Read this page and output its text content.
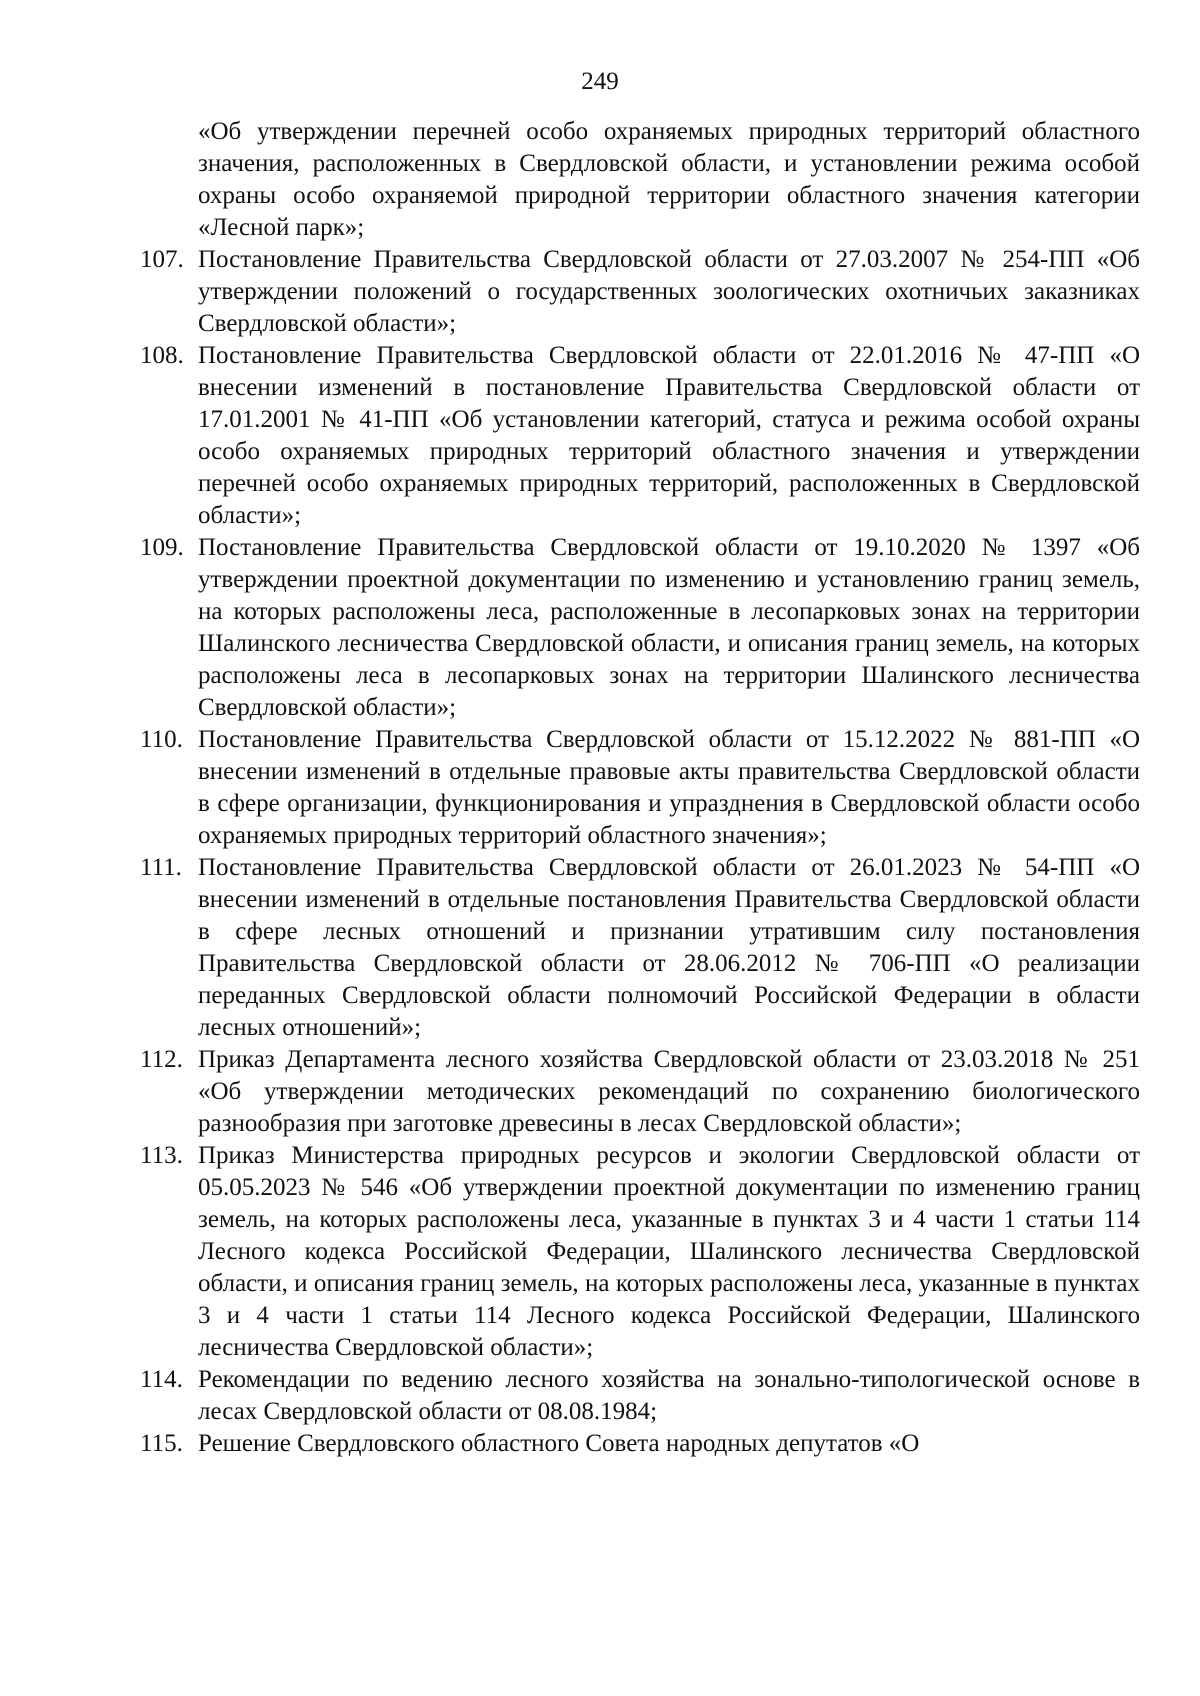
249
«Об утверждении перечней особо охраняемых природных территорий областного значения, расположенных в Свердловской области, и установлении режима особой охраны особо охраняемой природной территории областного значения категории «Лесной парк»;
107. Постановление Правительства Свердловской области от 27.03.2007 № 254-ПП «Об утверждении положений о государственных зоологических охотничьих заказниках Свердловской области»;
108. Постановление Правительства Свердловской области от 22.01.2016 № 47-ПП «О внесении изменений в постановление Правительства Свердловской области от 17.01.2001 № 41-ПП «Об установлении категорий, статуса и режима особой охраны особо охраняемых природных территорий областного значения и утверждении перечней особо охраняемых природных территорий, расположенных в Свердловской области»;
109. Постановление Правительства Свердловской области от 19.10.2020 № 1397 «Об утверждении проектной документации по изменению и установлению границ земель, на которых расположены леса, расположенные в лесопарковых зонах на территории Шалинского лесничества Свердловской области, и описания границ земель, на которых расположены леса в лесопарковых зонах на территории Шалинского лесничества Свердловской области»;
110. Постановление Правительства Свердловской области от 15.12.2022 № 881-ПП «О внесении изменений в отдельные правовые акты правительства Свердловской области в сфере организации, функционирования и упразднения в Свердловской области особо охраняемых природных территорий областного значения»;
111. Постановление Правительства Свердловской области от 26.01.2023 № 54-ПП «О внесении изменений в отдельные постановления Правительства Свердловской области в сфере лесных отношений и признании утратившим силу постановления Правительства Свердловской области от 28.06.2012 № 706-ПП «О реализации переданных Свердловской области полномочий Российской Федерации в области лесных отношений»;
112. Приказ Департамента лесного хозяйства Свердловской области от 23.03.2018 № 251 «Об утверждении методических рекомендаций по сохранению биологического разнообразия при заготовке древесины в лесах Свердловской области»;
113. Приказ Министерства природных ресурсов и экологии Свердловской области от 05.05.2023 № 546 «Об утверждении проектной документации по изменению границ земель, на которых расположены леса, указанные в пунктах 3 и 4 части 1 статьи 114 Лесного кодекса Российской Федерации, Шалинского лесничества Свердловской области, и описания границ земель, на которых расположены леса, указанные в пунктах 3 и 4 части 1 статьи 114 Лесного кодекса Российской Федерации, Шалинского лесничества Свердловской области»;
114. Рекомендации по ведению лесного хозяйства на зонально-типологической основе в лесах Свердловской области от 08.08.1984;
115. Решение Свердловского областного Совета народных депутатов «О
